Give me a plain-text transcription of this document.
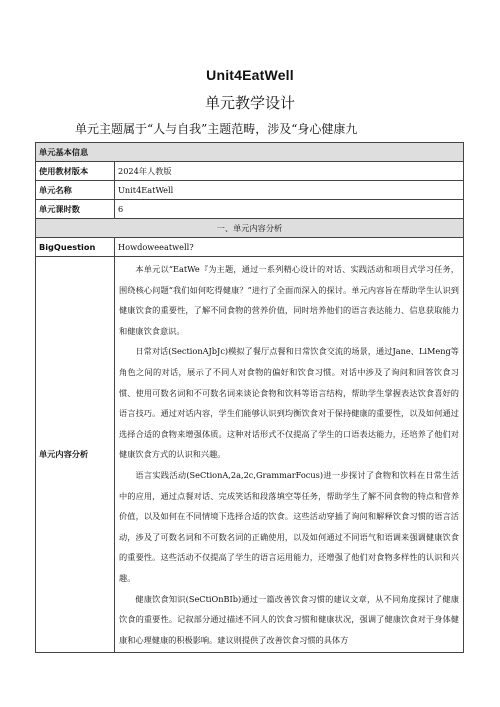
Unit4EatWell
单元教学设计
单元主题属于“人与自我”主题范畴，涉及“身心健康九
单元基本信息	
使用教材版本	2024年人教版
单元名称	Unit4EatWell
单元课时数	6
一、单元内容分析	
BigQuestion	Howdoweeatwell?
单元内容分析	本单元以“EatWe『为主题，通过一系列精心设计的对话、实践活动和项目式学习任务，围绕核心问题“我们如何吃得健康？”进行了全面而深入的探讨。单元内容旨在帮助学生认识到健康饮食的重要性，了解不同食物的营养价值，同时培养他们的语言表达能力、信息获取能力和健康饮食意识。

日常对话(SectionAJbJc)模拟了餐厅点餐和日常饮食交流的场景，通过Jane、LiMeng等角色之间的对话，展示了不同人对食物的偏好和饮食习惯。对话中涉及了询问和回答饮食习惯、使用可数名词和不可数名词来谈论食物和饮料等语言结构，帮助学生掌握表达饮食喜好的语言技巧。通过对话内容，学生们能够认识到均衡饮食对于保持健康的重要性，以及如何通过选择合适的食物来增强体质。这种对话形式不仅提高了学生的口语表达能力，还培养了他们对健康饮食方式的认识和兴趣。

语言实践活动(SeCtionA,2a,2c,GrammarFocus)进一步探讨了食物和饮料在日常生活中的应用，通过点餐对话、完成笑话和段落填空等任务，帮助学生了解不同食物的特点和营养价值，以及如何在不同情境下选择合适的饮食。这些活动穿插了询问和解释饮食习惯的语言活动，涉及了可数名词和不可数名词的正确使用，以及如何通过不同语气和语调来强调健康饮食的重要性。这些活动不仅提高了学生的语言运用能力，还增强了他们对食物多样性的认识和兴趣。

健康饮食知识(SeCtiOnBIb)通过一篇改善饮食习惯的建议文章，从不同角度探讨了健康饮食的重要性。记叙部分通过描述不同人的饮食习惯和健康状况，强调了健康饮食对于身体健康和心理健康的积极影响。建议则提供了改善饮食习惯的具体方
